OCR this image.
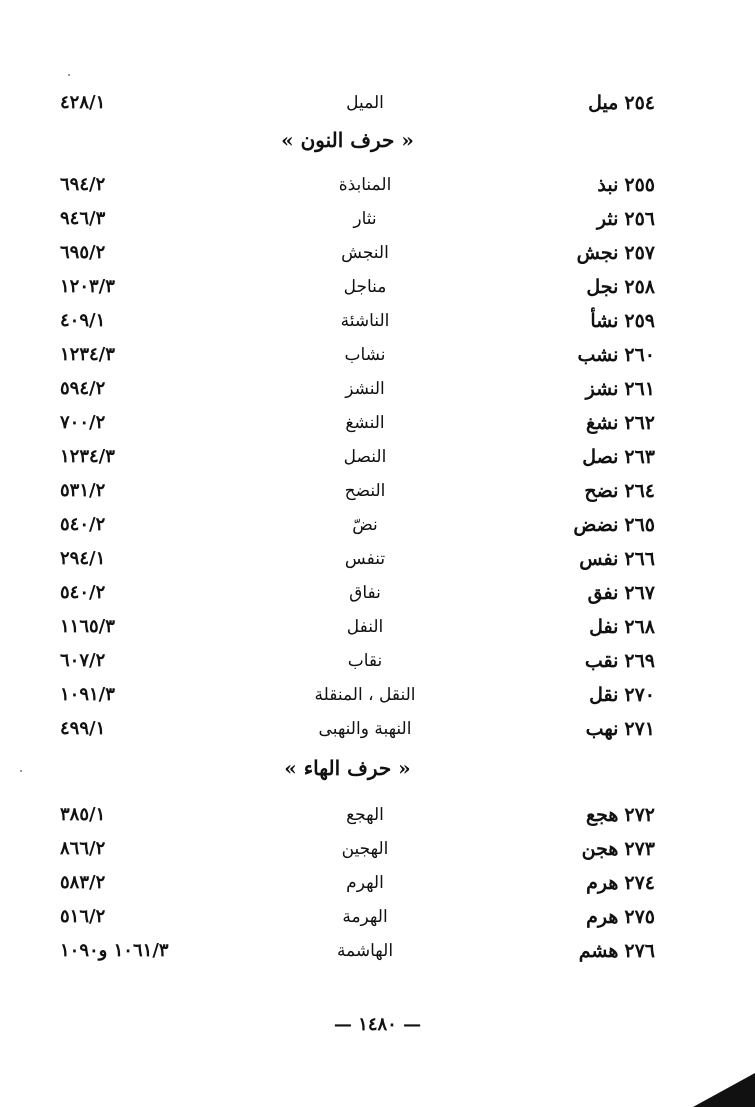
٢٥٤ميل
الميل
٤٢٨/١
« حرف النون »
٢٥٥نبذ
المنابذة
٦٩٤/٢
٢٥٦نثر
نثار
٩٤٦/٣
٢٥٧نجش
النجش
٦٩٥/٢
٢٥٨نجل
مناجل
١٢٠٣/٣
٢٥٩نشأ
الناشئة
٤٠٩/١
٢٦٠نشب
نشاب
١٢٣٤/٣
٢٦١نشز
النشز
٥٩٤/٢
٢٦٢نشغ
النشغ
٧٠٠/٢
٢٦٣نصل
النصل
١٢٣٤/٣
٢٦٤نضح
النضح
٥٣١/٢
٢٦٥نضض
نضّ
٥٤٠/٢
٢٦٦نفس
تنفس
٢٩٤/١
٢٦٧نفق
نفاق
٥٤٠/٢
٢٦٨نفل
النفل
١١٦٥/٣
٢٦٩نقب
نقاب
٦٠٧/٢
٢٧٠نقل
النقل ، المنقلة
١٠٩١/٣
٢٧١نهب
النهبة والنهبى
٤٩٩/١
« حرف الهاء »
٢٧٢هجع
الهجع
٣٨٥/١
٢٧٣هجن
الهجين
٨٦٦/٢
٢٧٤هرم
الهرم
٥٨٣/٢
٢٧٥هرم
الهرمة
٥١٦/٢
٢٧٦هشم
الهاشمة
١٠٦١/٣ و١٠٩٠
— ١٤٨٠ —
